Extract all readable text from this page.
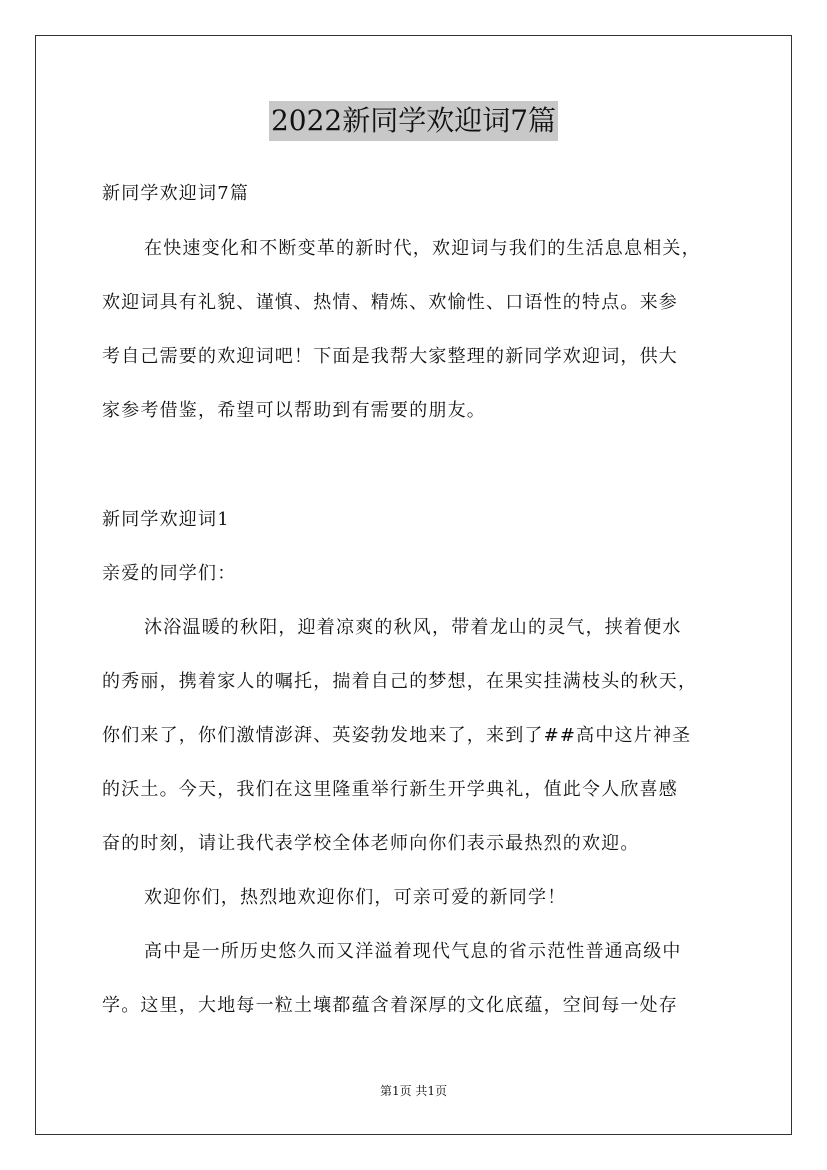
2022新同学欢迎词7篇
新同学欢迎词7篇
在快速变化和不断变革的新时代，欢迎词与我们的生活息息相关，
欢迎词具有礼貌、谨慎、热情、精炼、欢愉性、口语性的特点。来参
考自己需要的欢迎词吧！下面是我帮大家整理的新同学欢迎词，供大
家参考借鉴，希望可以帮助到有需要的朋友。
新同学欢迎词1
亲爱的同学们：
沐浴温暖的秋阳，迎着凉爽的秋风，带着龙山的灵气，挟着便水
的秀丽，携着家人的嘱托，揣着自己的梦想，在果实挂满枝头的秋天，
你们来了，你们激情澎湃、英姿勃发地来了，来到了##高中这片神圣
的沃土。今天，我们在这里隆重举行新生开学典礼，值此令人欣喜感
奋的时刻，请让我代表学校全体老师向你们表示最热烈的欢迎。
欢迎你们，热烈地欢迎你们，可亲可爱的新同学！
高中是一所历史悠久而又洋溢着现代气息的省示范性普通高级中
学。这里，大地每一粒土壤都蕴含着深厚的文化底蕴，空间每一处存
第1页 共1页
